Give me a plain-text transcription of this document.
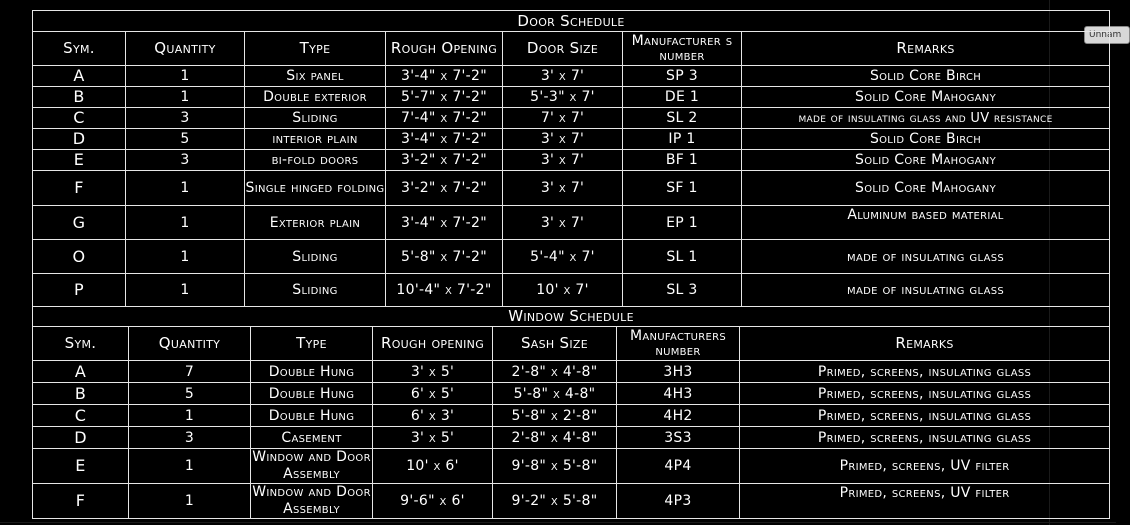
Unnam
Door Schedule						
Sym.	Quantity	Type	Rough Opening	Door Size	Manufacturer s number	Remarks
A	1	Six panel	3'-4" x 7'-2"	3' x 7'	SP 3	Solid Core Birch
B	1	Double exterior	5'-7" x 7'-2"	5'-3" x 7'	DE 1	Solid Core Mahogany
C	3	Sliding	7'-4" x 7'-2"	7' x 7'	SL 2	made of insulating glass and UV resistance
D	5	interior plain	3'-4" x 7'-2"	3' x 7'	IP 1	Solid Core Birch
E	3	bi-fold doors	3'-2" x 7'-2"	3' x 7'	BF 1	Solid Core Mahogany
F	1	Single hinged folding	3'-2" x 7'-2"	3' x 7'	SF 1	Solid Core Mahogany
G	1	Exterior plain	3'-4" x 7'-2"	3' x 7'	EP 1	Aluminum based material
O	1	Sliding	5'-8" x 7'-2"	5'-4" x 7'	SL 1	made of insulating glass
P	1	Sliding	10'-4" x 7'-2"	10' x 7'	SL 3	made of insulating glass
Window Schedule						
Sym.	Quantity	Type	Rough opening	Sash Size	Manufacturers number	Remarks
A	7	Double Hung	3' x 5'	2'-8" x 4'-8"	3H3	Primed, screens, insulating glass
B	5	Double Hung	6' x 5'	5'-8" x 4-8"	4H3	Primed, screens, insulating glass
C	1	Double Hung	6' x 3'	5'-8" x 2'-8"	4H2	Primed, screens, insulating glass
D	3	Casement	3' x 5'	2'-8" x 4'-8"	3S3	Primed, screens, insulating glass
E	1	Window and Door Assembly	10' x 6'	9'-8" x 5'-8"	4P4	Primed, screens, UV filter
F	1	Window and Door Assembly	9'-6" x 6'	9'-2" x 5'-8"	4P3	Primed, screens, UV filter
